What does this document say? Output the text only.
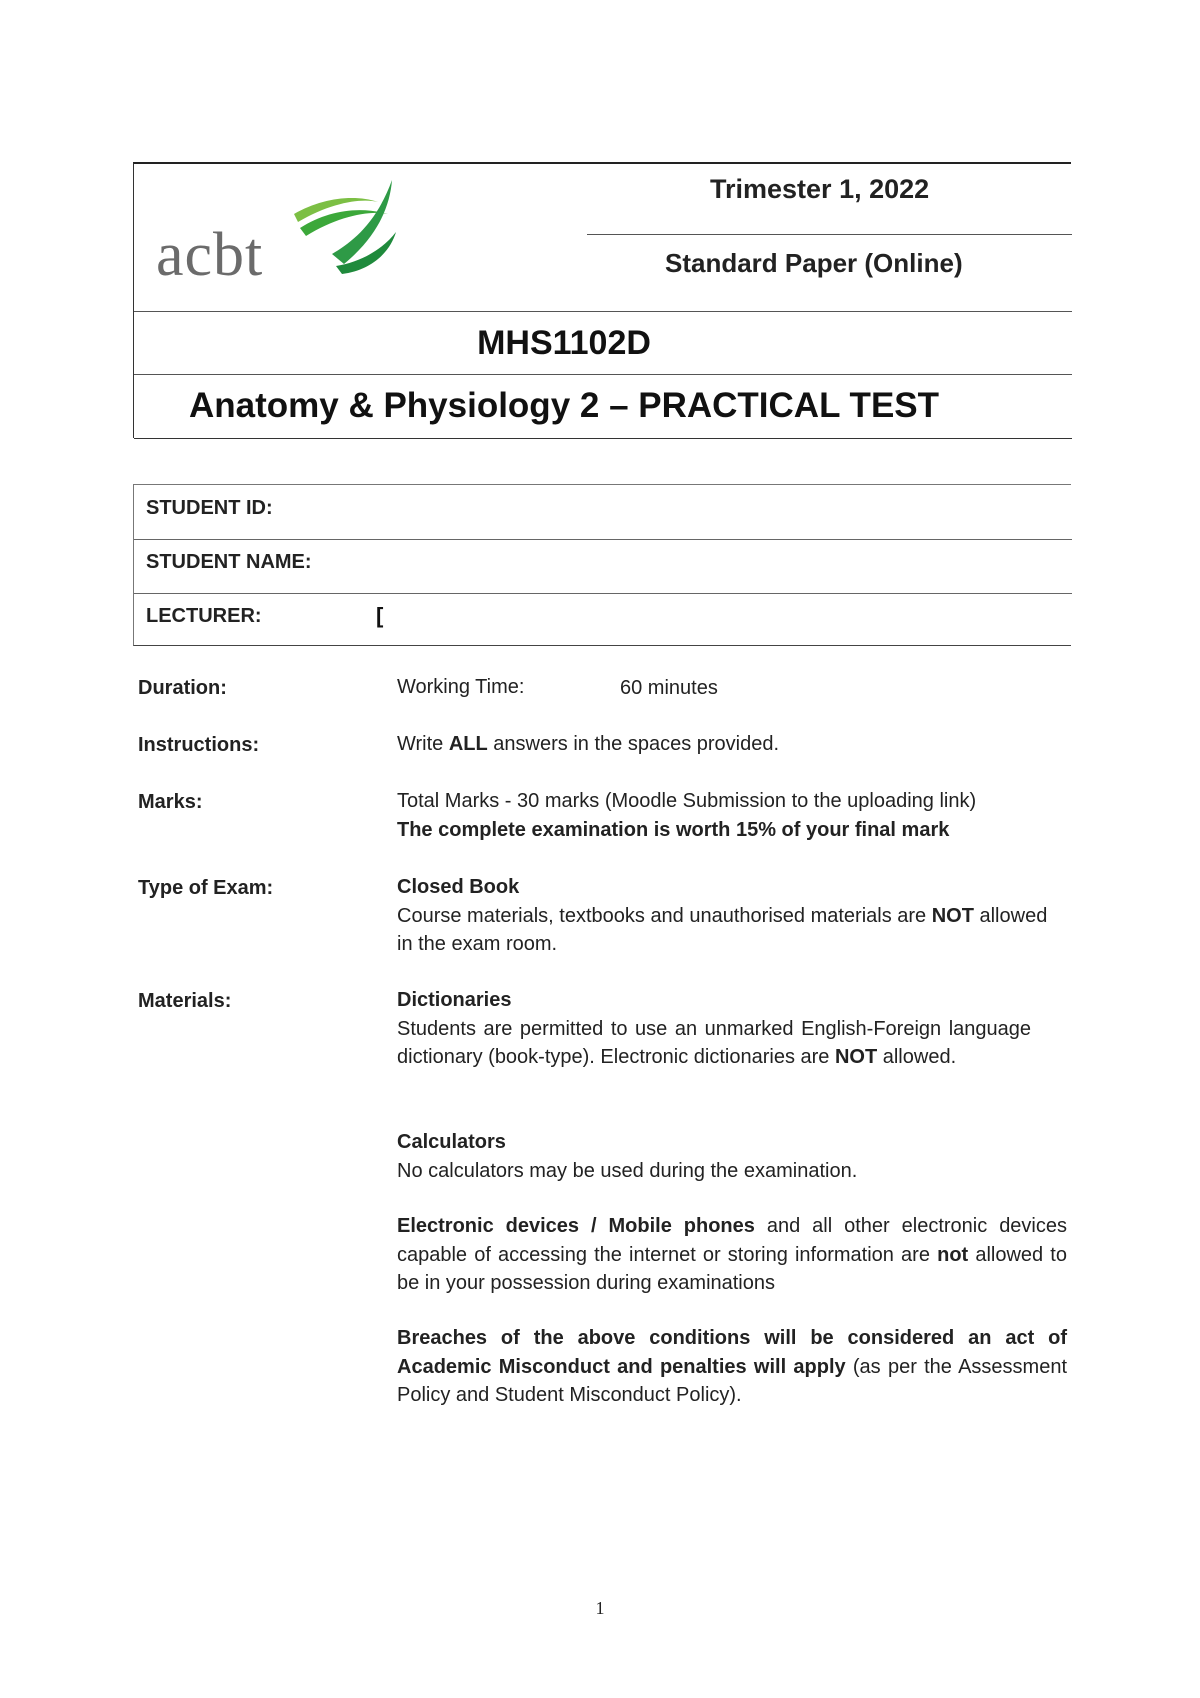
acbt
Trimester 1, 2022
Standard Paper (Online)
MHS1102D
Anatomy & Physiology 2 – PRACTICAL TEST
STUDENT ID:
STUDENT NAME:
LECTURER:	[
Duration:	Working Time:	60 minutes
Instructions:	Write ALL answers in the spaces provided.
Marks:	Total Marks - 30 marks (Moodle Submission to the uploading link)
The complete examination is worth 15% of your final mark
Type of Exam:	Closed Book
Course materials, textbooks and unauthorised materials are NOT allowed in the exam room.
Materials:	Dictionaries
Students are permitted to use an unmarked English-Foreign language dictionary (book-type). Electronic dictionaries are NOT allowed.
Calculators
No calculators may be used during the examination.
Electronic devices / Mobile phones and all other electronic devices capable of accessing the internet or storing information are not allowed to be in your possession during examinations
Breaches of the above conditions will be considered an act of Academic Misconduct and penalties will apply (as per the Assessment Policy and Student Misconduct Policy).
1
